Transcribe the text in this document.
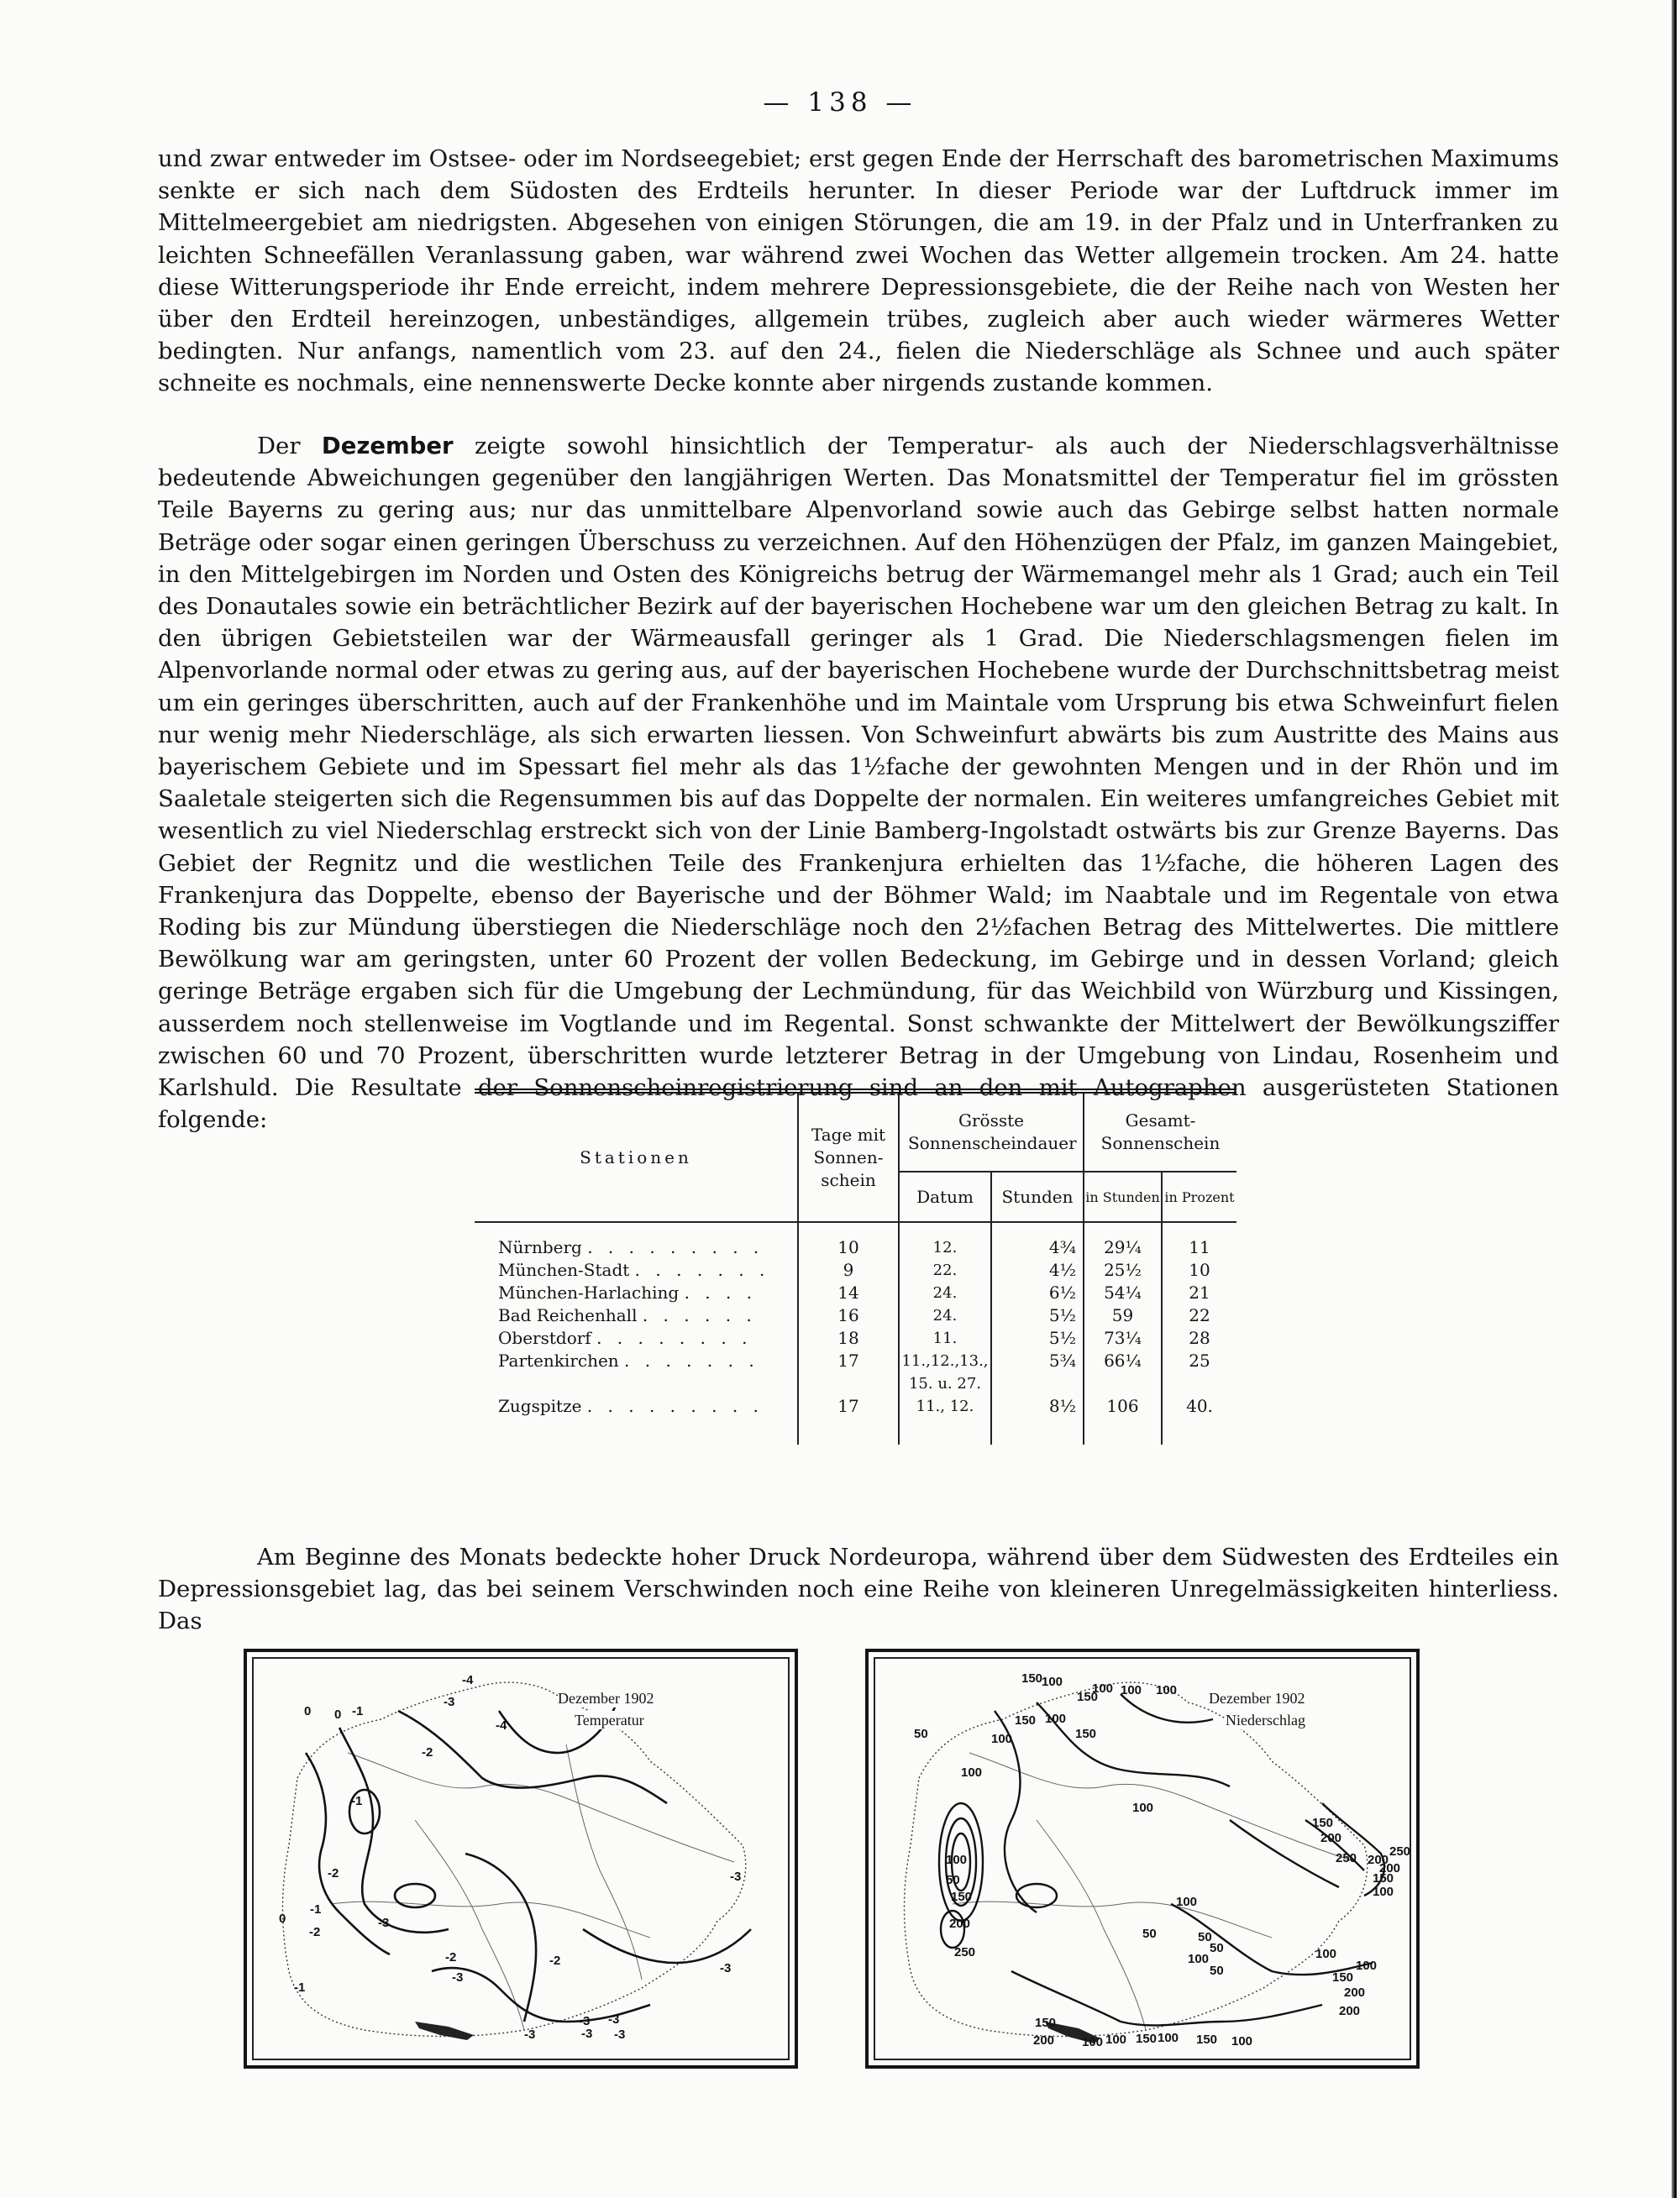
— 138 —

und zwar entweder im Ostsee- oder im Nordseegebiet; erst gegen Ende der Herrschaft des barometrischen Maximums senkte er sich nach dem Südosten des Erdteils herunter. In dieser Periode war der Luftdruck immer im Mittelmeergebiet am niedrigsten. Abgesehen von einigen Störungen, die am 19. in der Pfalz und in Unterfranken zu leichten Schneefällen Veranlassung gaben, war während zwei Wochen das Wetter allgemein trocken. Am 24. hatte diese Witterungsperiode ihr Ende erreicht, indem mehrere Depressionsgebiete, die der Reihe nach von Westen her über den Erdteil hereinzogen, unbeständiges, allgemein trübes, zugleich aber auch wieder wärmeres Wetter bedingten. Nur anfangs, namentlich vom 23. auf den 24., fielen die Niederschläge als Schnee und auch später schneite es nochmals, eine nennenswerte Decke konnte aber nirgends zustande kommen.

Der Dezember zeigte sowohl hinsichtlich der Temperatur- als auch der Niederschlagsverhältnisse bedeutende Abweichungen gegenüber den langjährigen Werten. Das Monatsmittel der Temperatur fiel im grössten Teile Bayerns zu gering aus; nur das unmittelbare Alpenvorland sowie auch das Gebirge selbst hatten normale Beträge oder sogar einen geringen Überschuss zu verzeichnen. Auf den Höhenzügen der Pfalz, im ganzen Maingebiet, in den Mittelgebirgen im Norden und Osten des Königreichs betrug der Wärmemangel mehr als 1 Grad; auch ein Teil des Donautales sowie ein beträchtlicher Bezirk auf der bayerischen Hochebene war um den gleichen Betrag zu kalt. In den übrigen Gebietsteilen war der Wärmeausfall geringer als 1 Grad. Die Niederschlagsmengen fielen im Alpenvorlande normal oder etwas zu gering aus, auf der bayerischen Hochebene wurde der Durchschnittsbetrag meist um ein geringes überschritten, auch auf der Frankenhöhe und im Maintale vom Ursprung bis etwa Schweinfurt fielen nur wenig mehr Niederschläge, als sich erwarten liessen. Von Schweinfurt abwärts bis zum Austritte des Mains aus bayerischem Gebiete und im Spessart fiel mehr als das 1½fache der gewohnten Mengen und in der Rhön und im Saaletale steigerten sich die Regensummen bis auf das Doppelte der normalen. Ein weiteres umfangreiches Gebiet mit wesentlich zu viel Niederschlag erstreckt sich von der Linie Bamberg-Ingolstadt ostwärts bis zur Grenze Bayerns. Das Gebiet der Regnitz und die westlichen Teile des Frankenjura erhielten das 1½fache, die höheren Lagen des Frankenjura das Doppelte, ebenso der Bayerische und der Böhmer Wald; im Naabtale und im Regentale von etwa Roding bis zur Mündung überstiegen die Niederschläge noch den 2½fachen Betrag des Mittelwertes. Die mittlere Bewölkung war am geringsten, unter 60 Prozent der vollen Bedeckung, im Gebirge und in dessen Vorland; gleich geringe Beträge ergaben sich für die Umgebung der Lechmündung, für das Weichbild von Würzburg und Kissingen, ausserdem noch stellenweise im Vogtlande und im Regental. Sonst schwankte der Mittelwert der Bewölkungsziffer zwischen 60 und 70 Prozent, überschritten wurde letzterer Betrag in der Umgebung von Lindau, Rosenheim und Karlshuld. Die Resultate der Sonnenscheinregistrierung sind an den mit Autographen ausgerüsteten Stationen folgende:

Stationen	Tage mit Sonnen- schein	Grösste Sonnenscheindauer		Gesamt- Sonnenschein	
		Datum	Stunden	in Stunden	in Prozent

Nürnberg . . . . . . . . .	10	12.	4¾	29¼	11
München-Stadt . . . . . . .	9	22.	4½	25½	10
München-Harlaching . . . .	14	24.	6½	54¼	21
Bad Reichenhall . . . . . .	16	24.	5½	59	22
Oberstdorf . . . . . . . .	18	11.	5½	73¼	28
Partenkirchen . . . . . . .	17	11.,12.,13., 15. u. 27.	5¾	66¼	25
Zugspitze . . . . . . . . .	17	11., 12.	8½	106	40.

Am Beginne des Monats bedeckte hoher Druck Nordeuropa, während über dem Südwesten des Erdteiles ein Depressionsgebiet lag, das bei seinem Verschwinden noch eine Reihe von kleineren Unregelmässigkeiten hinterliess. Das

Dezember 1902
Temperatur
-4
-3
-4
0 0 -1
-2
-1
-2
-1
-2
-3
0
-1
-2
-3
-2
-3
-3	-3 -3
-3
-3
-3
Dezember 1902
Niederschlag
150
100 100 100 100
150
150 100
150
50	100
100
100
150
200
250
100
50
100
150
200
250
200
150
100
250
200
50	50
50
100
50
100
150
200
100
200
150
200 100 100 150 100 150 100
